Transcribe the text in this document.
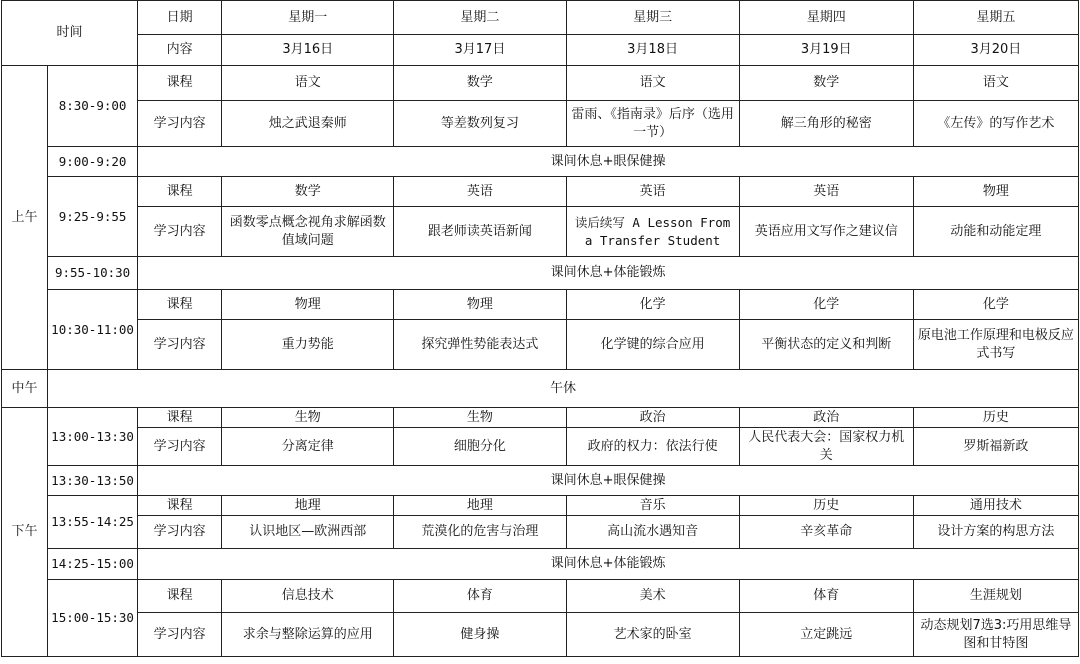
时间		日期	星期一	星期二	星期三	星期四	星期五
		内容	3月16日	3月17日	3月18日	3月19日	3月20日
上午	8:30-9:00	课程	语文	数学	语文	数学	语文
		学习内容	烛之武退秦师	等差数列复习	雷雨、《指南录》后序（选用一节）	解三角形的秘密	《左传》的写作艺术
	9:00-9:20	课间休息+眼保健操					
	9:25-9:55	课程	数学	英语	英语	英语	物理
		学习内容	函数零点概念视角求解函数值域问题	跟老师读英语新闻	读后续写 A Lesson From a Transfer Student	英语应用文写作之建议信	动能和动能定理
	9:55-10:30	课间休息+体能锻炼					
	10:30-11:00	课程	物理	物理	化学	化学	化学
		学习内容	重力势能	探究弹性势能表达式	化学键的综合应用	平衡状态的定义和判断	原电池工作原理和电极反应式书写
中午	午休						
下午	13:00-13:30	课程	生物	生物	政治	政治	历史
		学习内容	分离定律	细胞分化	政府的权力：依法行使	人民代表大会：国家权力机关	罗斯福新政
	13:30-13:50	课间休息+眼保健操					
	13:55-14:25	课程	地理	地理	音乐	历史	通用技术
		学习内容	认识地区—欧洲西部	荒漠化的危害与治理	高山流水遇知音	辛亥革命	设计方案的构思方法
	14:25-15:00	课间休息+体能锻炼					
	15:00-15:30	课程	信息技术	体育	美术	体育	生涯规划
		学习内容	求余与整除运算的应用	健身操	艺术家的卧室	立定跳远	动态规划7选3:巧用思维导图和甘特图
